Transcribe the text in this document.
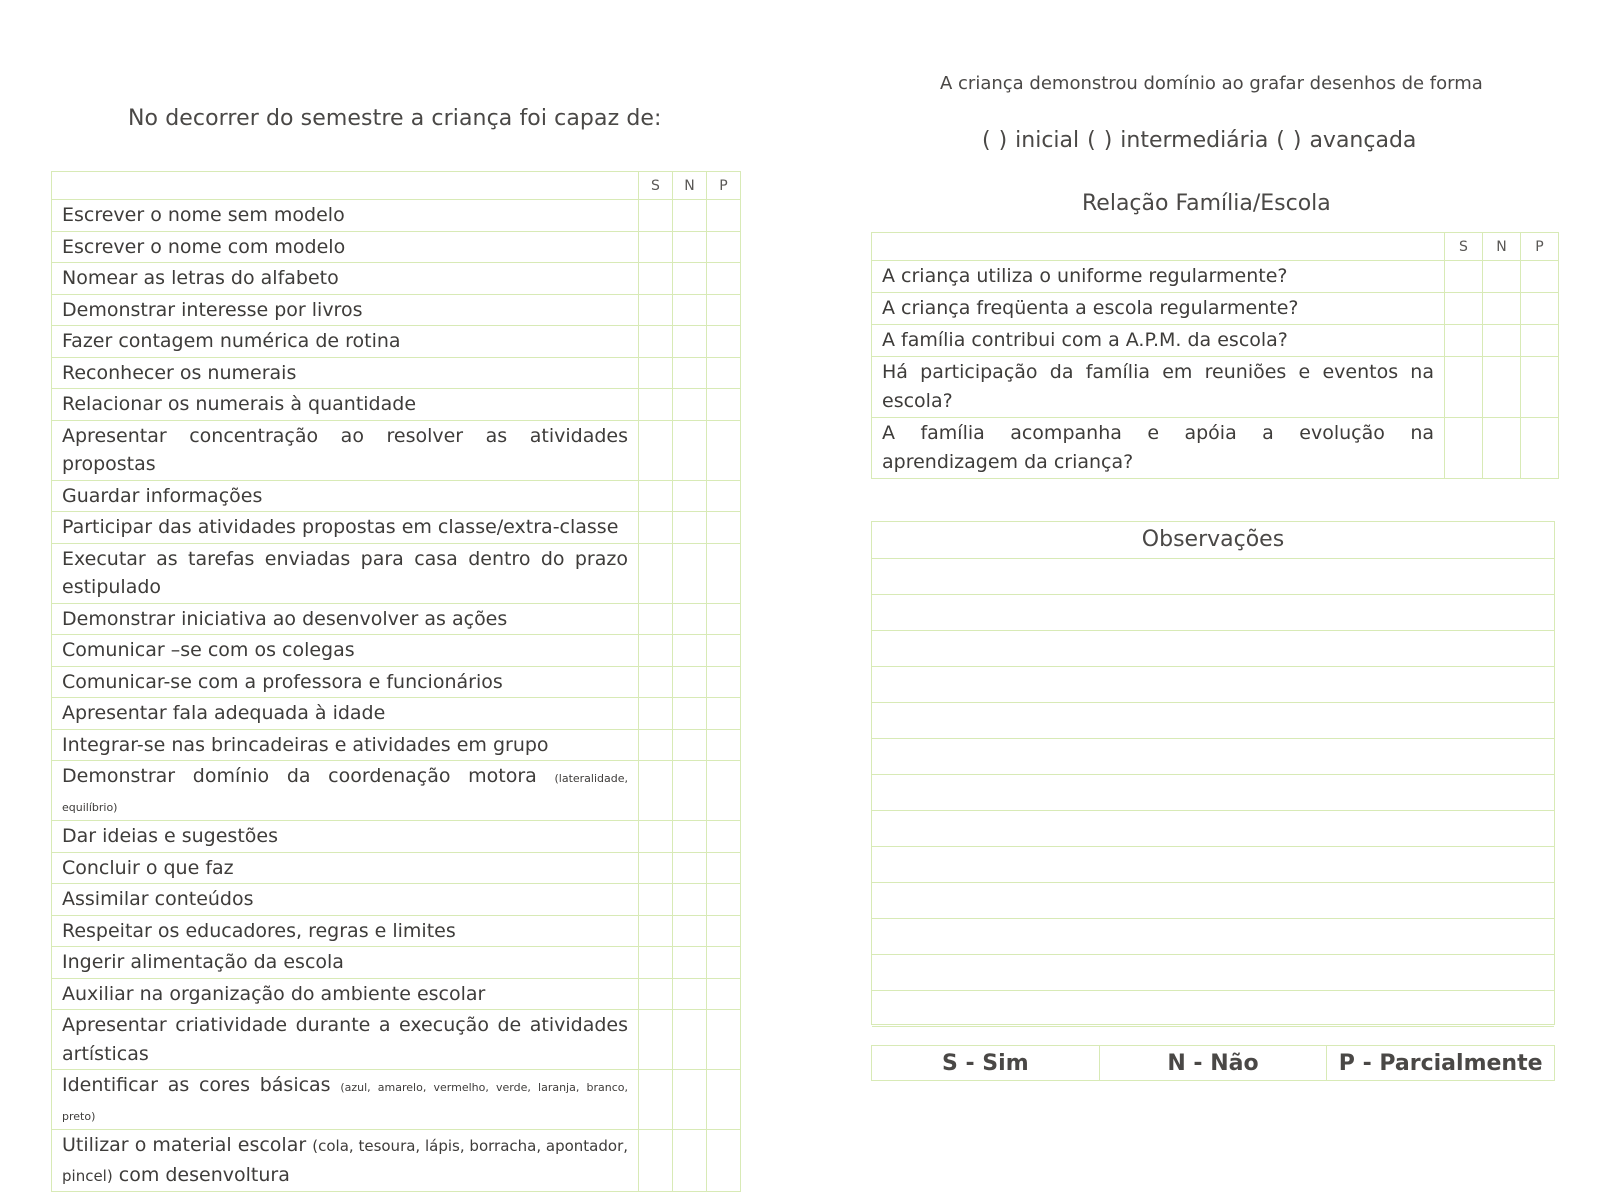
No decorrer do semestre a criança foi capaz de:
	S	N	P
Escrever o nome sem modelo			
Escrever o nome com modelo			
Nomear as letras do alfabeto			
Demonstrar interesse por livros			
Fazer contagem numérica de rotina			
Reconhecer os numerais			
Relacionar os numerais à quantidade			
Apresentar concentração ao resolver as atividades propostas			
Guardar informações			
Participar das atividades propostas em classe/extra-classe			
Executar as tarefas enviadas para casa dentro do prazo estipulado			
Demonstrar iniciativa ao desenvolver as ações			
Comunicar –se com os colegas			
Comunicar-se com a professora e funcionários			
Apresentar fala adequada à idade			
Integrar-se nas brincadeiras e atividades em grupo			
Demonstrar domínio da coordenação motora (lateralidade, equilíbrio)			
Dar ideias e sugestões			
Concluir o que faz			
Assimilar conteúdos			
Respeitar os educadores, regras e limites			
Ingerir alimentação da escola			
Auxiliar na organização do ambiente escolar			
Apresentar criatividade durante a execução de atividades artísticas			
Identificar as cores básicas (azul, amarelo, vermelho, verde, laranja, branco, preto)			
Utilizar o material escolar (cola, tesoura, lápis, borracha, apontador, pincel) com desenvoltura			
A criança demonstrou domínio ao grafar desenhos de forma
( ) inicial ( ) intermediária ( ) avançada
Relação Família/Escola
	S	N	P
A criança utiliza o uniforme regularmente?			
A criança freqüenta a escola regularmente?			
A família contribui com a A.P.M. da escola?			
Há participação da família em reuniões e eventos na escola?			
A família acompanha e apóia a evolução na aprendizagem da criança?			
Observações
S - Sim	N - Não	P - Parcialmente
